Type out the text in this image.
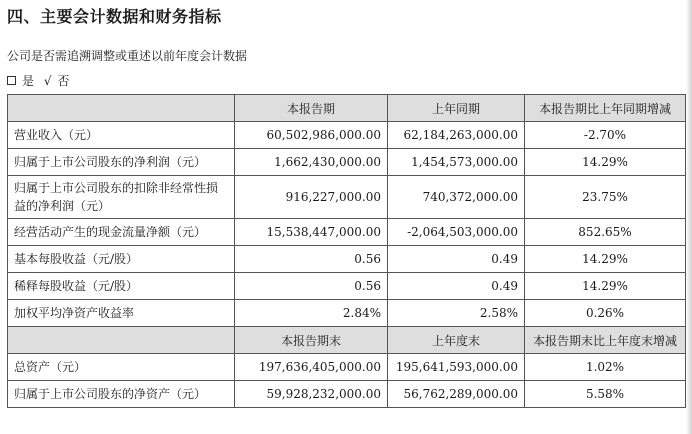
四、主要会计数据和财务指标
公司是否需追溯调整或重述以前年度会计数据
是 √ 否
	本报告期	上年同期	本报告期比上年同期增减
营业收入（元）	60,502,986,000.00	62,184,263,000.00	-2.70%
归属于上市公司股东的净利润（元）	1,662,430,000.00	1,454,573,000.00	14.29%
归属于上市公司股东的扣除非经常性损益的净利润（元）	916,227,000.00	740,372,000.00	23.75%
经营活动产生的现金流量净额（元）	15,538,447,000.00	-2,064,503,000.00	852.65%
基本每股收益（元/股）	0.56	0.49	14.29%
稀释每股收益（元/股）	0.56	0.49	14.29%
加权平均净资产收益率	2.84%	2.58%	0.26%
	本报告期末	上年度末	本报告期末比上年度末增减
总资产（元）	197,636,405,000.00	195,641,593,000.00	1.02%
归属于上市公司股东的净资产（元）	59,928,232,000.00	56,762,289,000.00	5.58%
